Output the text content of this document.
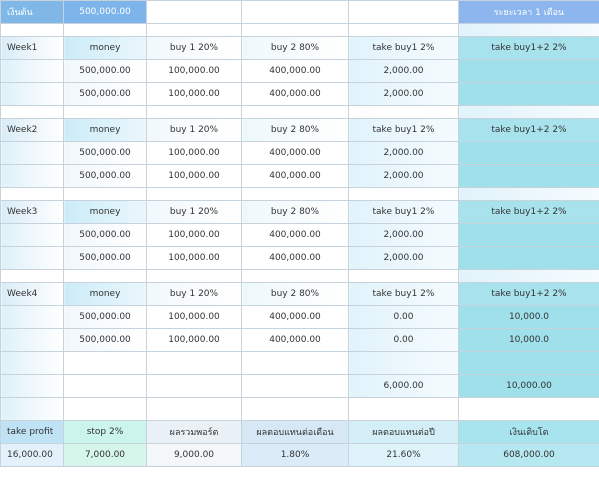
เงินต้น	500,000.00				ระยะเวลา 1 เดือน

Week1	money	buy 1 20%	buy 2 80%	take buy1 2%	take buy1+2 2%
	500,000.00	100,000.00	400,000.00	2,000.00	
	500,000.00	100,000.00	400,000.00	2,000.00	

Week2	money	buy 1 20%	buy 2 80%	take buy1 2%	take buy1+2 2%
	500,000.00	100,000.00	400,000.00	2,000.00	
	500,000.00	100,000.00	400,000.00	2,000.00	

Week3	money	buy 1 20%	buy 2 80%	take buy1 2%	take buy1+2 2%
	500,000.00	100,000.00	400,000.00	2,000.00	
	500,000.00	100,000.00	400,000.00	2,000.00	

Week4	money	buy 1 20%	buy 2 80%	take buy1 2%	take buy1+2 2%
	500,000.00	100,000.00	400,000.00	0.00	10,000.0
	500,000.00	100,000.00	400,000.00	0.00	10,000.0

				6,000.00	10,000.00

take profit	stop 2%	ผลรวมพอร์ต	ผลตอบแทนต่อเดือน	ผลตอบแทนต่อปี	เงินเติบโต
16,000.00	7,000.00	9,000.00	1.80%	21.60%	608,000.00
